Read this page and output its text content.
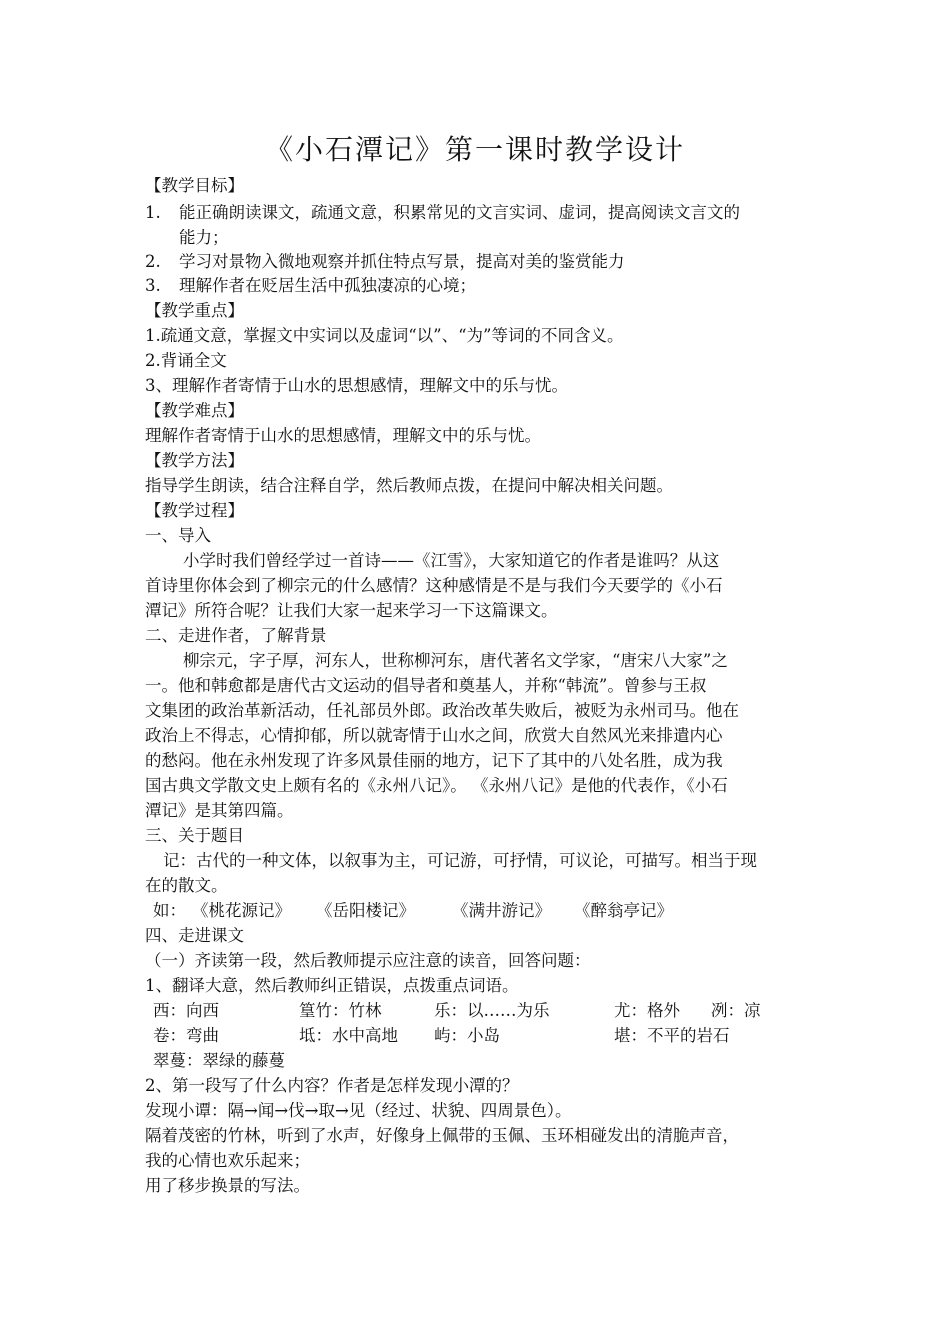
《小石潭记》第一课时教学设计
【教学目标】
1. 能正确朗读课文，疏通文意，积累常见的文言实词、虚词，提高阅读文言文的
能力；
2. 学习对景物入微地观察并抓住特点写景，提高对美的鉴赏能力
3. 理解作者在贬居生活中孤独凄凉的心境；
【教学重点】
1.疏通文意，掌握文中实词以及虚词“以”、“为”等词的不同含义。
2.背诵全文
3、理解作者寄情于山水的思想感情，理解文中的乐与忧。
【教学难点】
理解作者寄情于山水的思想感情，理解文中的乐与忧。
【教学方法】
指导学生朗读，结合注释自学，然后教师点拨，在提问中解决相关问题。
【教学过程】
一、导入
小学时我们曾经学过一首诗——《江雪》，大家知道它的作者是谁吗？从这
首诗里你体会到了柳宗元的什么感情？这种感情是不是与我们今天要学的《小石
潭记》所符合呢？让我们大家一起来学习一下这篇课文。
二、走进作者，了解背景
柳宗元，字子厚，河东人，世称柳河东，唐代著名文学家，“唐宋八大家”之
一。他和韩愈都是唐代古文运动的倡导者和奠基人，并称“韩流”。曾参与王叔
文集团的政治革新活动，任礼部员外郎。政治改革失败后，被贬为永州司马。他在
政治上不得志，心情抑郁，所以就寄情于山水之间，欣赏大自然风光来排遣内心
的愁闷。他在永州发现了许多风景佳丽的地方，记下了其中的八处名胜，成为我
国古典文学散文史上颇有名的《永州八记》。 《永州八记》是他的代表作，《小石
潭记》是其第四篇。
三、关于题目
记：古代的一种文体，以叙事为主，可记游，可抒情，可议论，可描写。相当于现
在的散文。
如： 《桃花源记》 《岳阳楼记》 《满井游记》 《醉翁亭记》
四、走进课文
（一）齐读第一段，然后教师提示应注意的读音，回答问题：
1、翻译大意，然后教师纠正错误，点拨重点词语。
西：向西	篁竹：竹林	乐：以……为乐	尤：格外 冽：凉
卷：弯曲	坻：水中高地 屿：小岛	堪：不平的岩石
翠蔓：翠绿的藤蔓
2、第一段写了什么内容？作者是怎样发现小潭的？
发现小谭：隔→闻→伐→取→见（经过、状貌、四周景色）。
隔着茂密的竹林，听到了水声，好像身上佩带的玉佩、玉环相碰发出的清脆声音，
我的心情也欢乐起来；
用了移步换景的写法。
